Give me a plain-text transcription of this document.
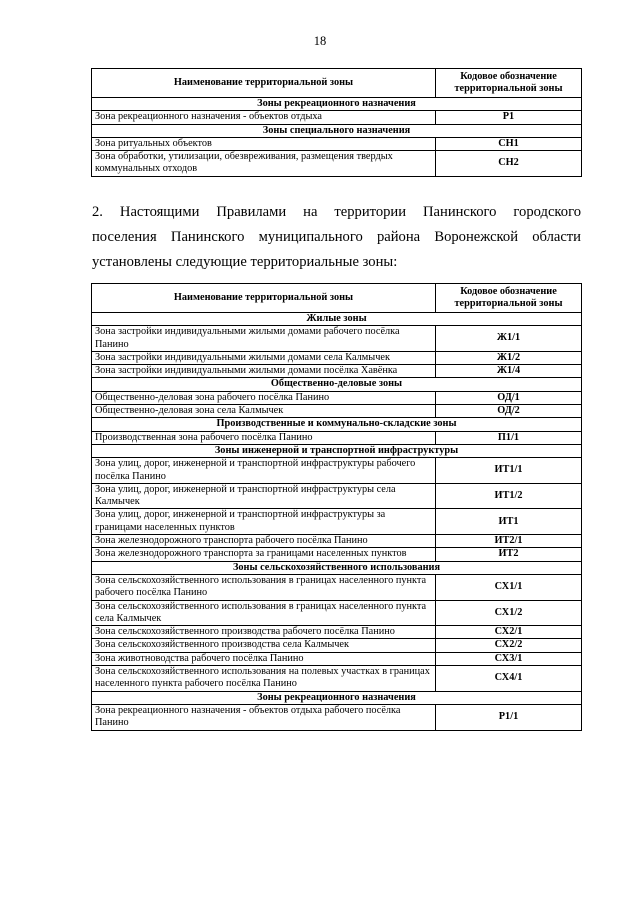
18
Наименование территориальной зоны	Кодовое обозначение территориальной зоны
Зоны рекреационного назначения	
Зона рекреационного назначения - объектов отдыха	Р1
Зоны специального назначения	
Зона ритуальных объектов	СН1
Зона обработки, утилизации, обезвреживания, размещения твердых коммунальных отходов	СН2
2. Настоящими Правилами на территории Панинского городского
поселения Панинского муниципального района Воронежской области
установлены следующие территориальные зоны:
Наименование территориальной зоны	Кодовое обозначение территориальной зоны
Жилые зоны	
Зона застройки индивидуальными жилыми домами рабочего посёлка Панино	Ж1/1
Зона застройки индивидуальными жилыми домами села Калмычек	Ж1/2
Зона застройки индивидуальными жилыми домами посёлка Хавёнка	Ж1/4
Общественно-деловые зоны	
Общественно-деловая зона рабочего посёлка Панино	ОД/1
Общественно-деловая зона села Калмычек	ОД/2
Производственные и коммунально-складские зоны	
Производственная зона рабочего посёлка Панино	П1/1
Зоны инженерной и транспортной инфраструктуры	
Зона улиц, дорог, инженерной и транспортной инфраструктуры рабочего посёлка Панино	ИТ1/1
Зона улиц, дорог, инженерной и транспортной инфраструктуры села Калмычек	ИТ1/2
Зона улиц, дорог, инженерной и транспортной инфраструктуры за границами населенных пунктов	ИТ1
Зона железнодорожного транспорта рабочего посёлка Панино	ИТ2/1
Зона железнодорожного транспорта за границами населенных пунктов	ИТ2
Зоны сельскохозяйственного использования	
Зона сельскохозяйственного использования в границах населенного пункта рабочего посёлка Панино	СХ1/1
Зона сельскохозяйственного использования в границах населенного пункта села Калмычек	СХ1/2
Зона сельскохозяйственного производства рабочего посёлка Панино	СХ2/1
Зона сельскохозяйственного производства села Калмычек	СХ2/2
Зона животноводства рабочего посёлка Панино	СХ3/1
Зона сельскохозяйственного использования на полевых участках в границах населенного пункта рабочего посёлка Панино	СХ4/1
Зоны рекреационного назначения	
Зона рекреационного назначения - объектов отдыха рабочего посёлка Панино	Р1/1
